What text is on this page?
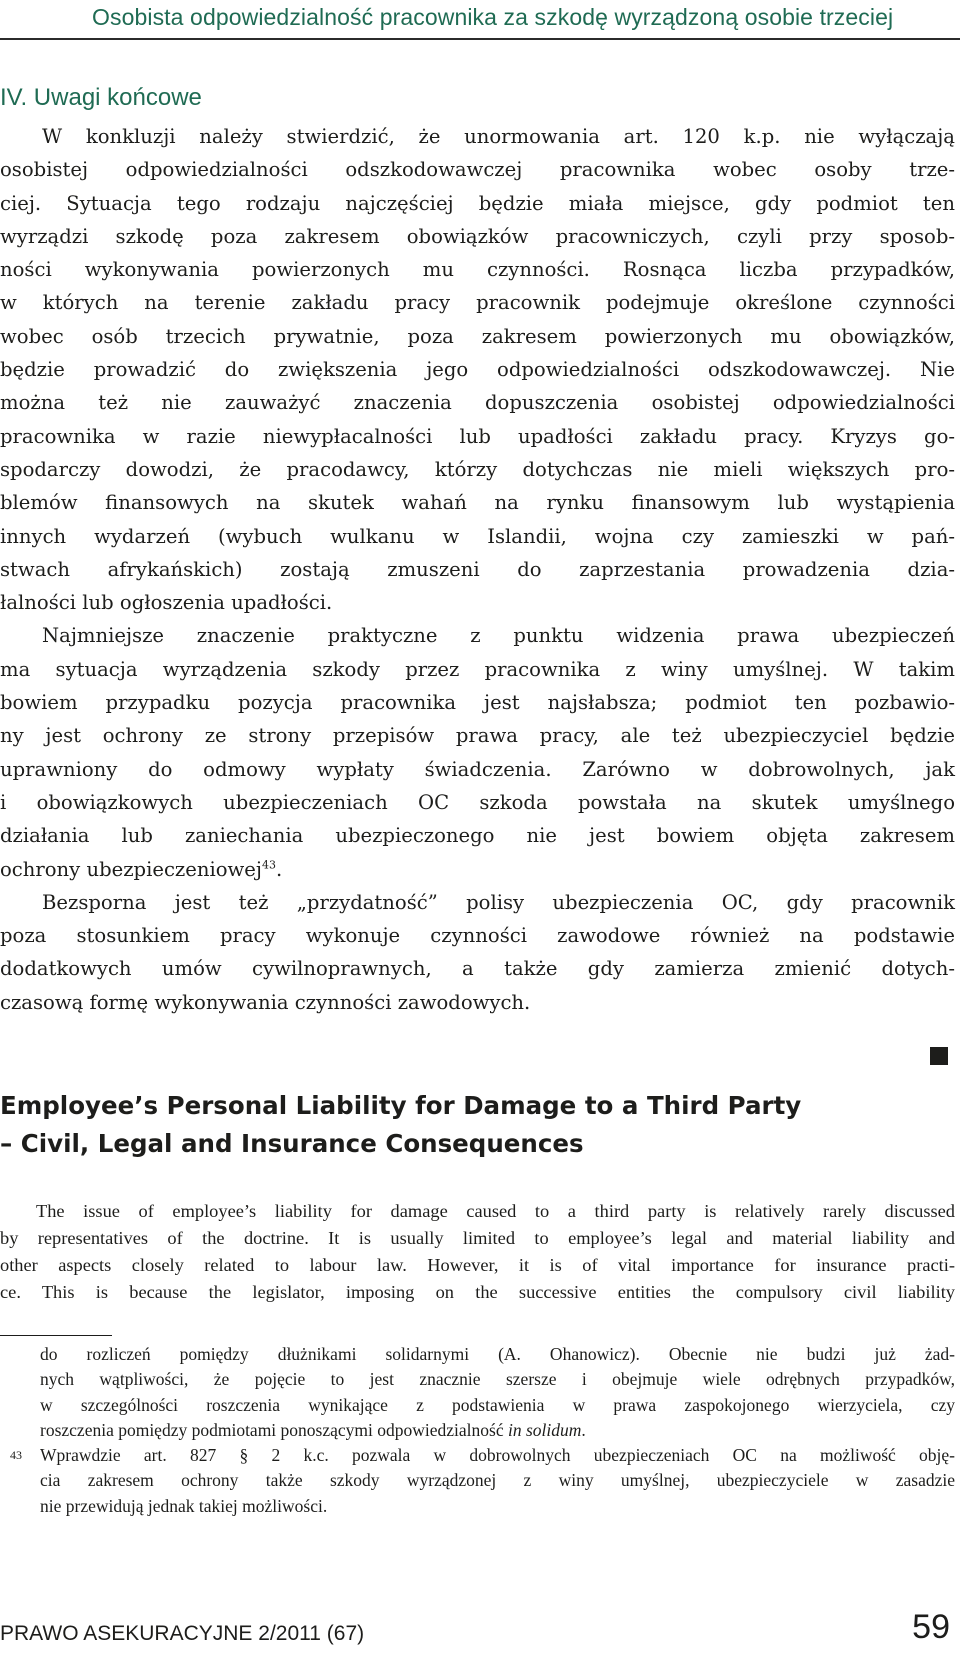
Osobista odpowiedzialność pracownika za szkodę wyrządzoną osobie trzeciej
IV. Uwagi końcowe
W konkluzji należy stwierdzić, że unormowania art. 120 k.p. nie wyłączają
osobistej odpowiedzialności odszkodowawczej pracownika wobec osoby trze-
ciej. Sytuacja tego rodzaju najczęściej będzie miała miejsce, gdy podmiot ten
wyrządzi szkodę poza zakresem obowiązków pracowniczych, czyli przy sposob-
ności wykonywania powierzonych mu czynności. Rosnąca liczba przypadków,
w których na terenie zakładu pracy pracownik podejmuje określone czynności
wobec osób trzecich prywatnie, poza zakresem powierzonych mu obowiązków,
będzie prowadzić do zwiększenia jego odpowiedzialności odszkodowawczej. Nie
można też nie zauważyć znaczenia dopuszczenia osobistej odpowiedzialności
pracownika w razie niewypłacalności lub upadłości zakładu pracy. Kryzys go-
spodarczy dowodzi, że pracodawcy, którzy dotychczas nie mieli większych pro-
blemów finansowych na skutek wahań na rynku finansowym lub wystąpienia
innych wydarzeń (wybuch wulkanu w Islandii, wojna czy zamieszki w pań-
stwach afrykańskich) zostają zmuszeni do zaprzestania prowadzenia dzia-
łalności lub ogłoszenia upadłości.
Najmniejsze znaczenie praktyczne z punktu widzenia prawa ubezpieczeń
ma sytuacja wyrządzenia szkody przez pracownika z winy umyślnej. W takim
bowiem przypadku pozycja pracownika jest najsłabsza; podmiot ten pozbawio-
ny jest ochrony ze strony przepisów prawa pracy, ale też ubezpieczyciel będzie
uprawniony do odmowy wypłaty świadczenia. Zarówno w dobrowolnych, jak
i obowiązkowych ubezpieczeniach OC szkoda powstała na skutek umyślnego
działania lub zaniechania ubezpieczonego nie jest bowiem objęta zakresem
ochrony ubezpieczeniowej$^{43}$.
Bezsporna jest też „przydatność” polisy ubezpieczenia OC, gdy pracownik
poza stosunkiem pracy wykonuje czynności zawodowe również na podstawie
dodatkowych umów cywilnoprawnych, a także gdy zamierza zmienić dotych-
czasową formę wykonywania czynności zawodowych.
Employee’s Personal Liability for Damage to a Third Party
– Civil, Legal and Insurance Consequences
The issue of employee’s liability for damage caused to a third party is relatively rarely discussed
by representatives of the doctrine. It is usually limited to employee’s legal and material liability and
other aspects closely related to labour law. However, it is of vital importance for insurance practi-
ce. This is because the legislator, imposing on the successive entities the compulsory civil liability
43
do rozliczeń pomiędzy dłużnikami solidarnymi (A. Ohanowicz). Obecnie nie budzi już żad-
nych wątpliwości, że pojęcie to jest znacznie szersze i obejmuje wiele odrębnych przypadków,
w szczególności roszczenia wynikające z podstawienia w prawa zaspokojonego wierzyciela, czy
roszczenia pomiędzy podmiotami ponoszącymi odpowiedzialność in solidum.
Wprawdzie art. 827 § 2 k.c. pozwala w dobrowolnych ubezpieczeniach OC na możliwość obję-
cia zakresem ochrony także szkody wyrządzonej z winy umyślnej, ubezpieczyciele w zasadzie
nie przewidują jednak takiej możliwości.
PRAWO ASEKURACYJNE 2/2011 (67)	59
